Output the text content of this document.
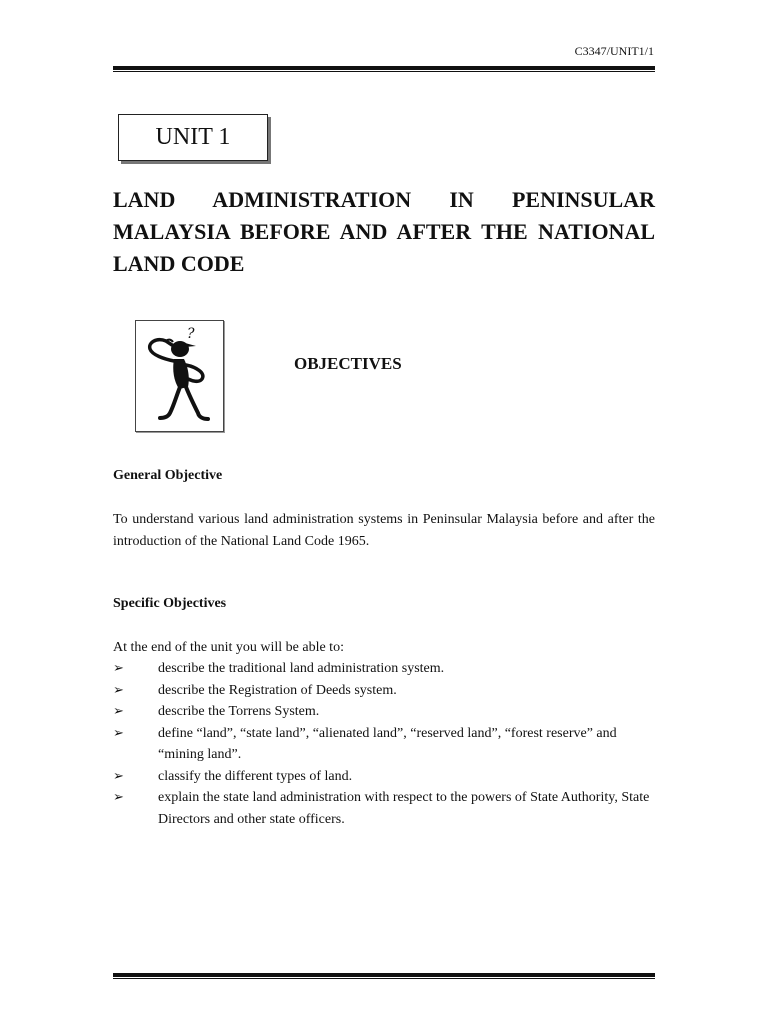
C3347/UNIT1/1
UNIT 1
LAND ADMINISTRATION IN PENINSULAR
MALAYSIA BEFORE AND AFTER THE NATIONAL
LAND CODE
?
OBJECTIVES
General Objective
To understand various land administration systems in Peninsular Malaysia before and after the introduction of the National Land Code 1965.
Specific Objectives
At the end of the unit you will be able to:
➢ describe the traditional land administration system.
➢ describe the Registration of Deeds system.
➢ describe the Torrens System.
➢ define “land”, “state land”, “alienated land”, “reserved land”, “forest reserve” and “mining land”.
➢ classify the different types of land.
➢ explain the state land administration with respect to the powers of State Authority, State Directors and other state officers.
